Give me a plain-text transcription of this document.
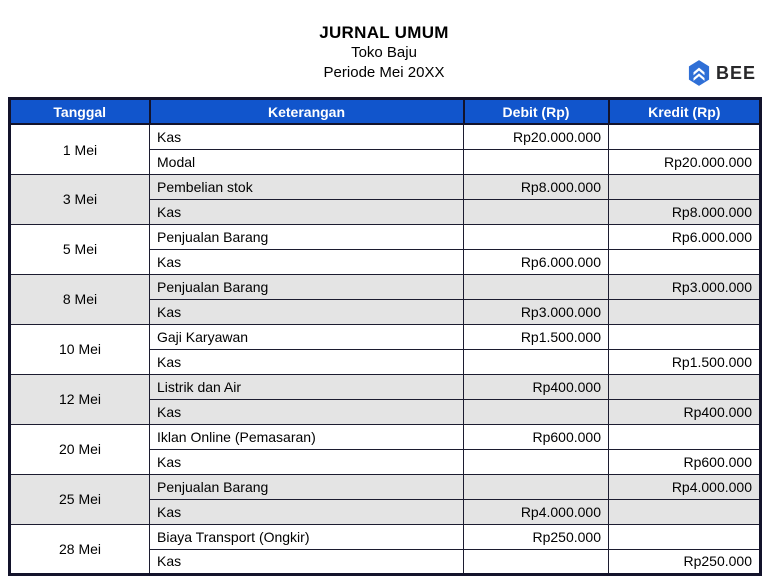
JURNAL UMUM
Toko Baju
Periode Mei 20XX	BEE
Tanggal	Keterangan	Debit (Rp)	Kredit (Rp)
1 Mei	Kas	Rp20.000.000	
	Modal		Rp20.000.000
3 Mei	Pembelian stok	Rp8.000.000	
	Kas		Rp8.000.000
5 Mei	Penjualan Barang		Rp6.000.000
	Kas	Rp6.000.000	
8 Mei	Penjualan Barang		Rp3.000.000
	Kas	Rp3.000.000	
10 Mei	Gaji Karyawan	Rp1.500.000	
	Kas		Rp1.500.000
12 Mei	Listrik dan Air	Rp400.000	
	Kas		Rp400.000
20 Mei	Iklan Online (Pemasaran)	Rp600.000	
	Kas		Rp600.000
25 Mei	Penjualan Barang		Rp4.000.000
	Kas	Rp4.000.000	
28 Mei	Biaya Transport (Ongkir)	Rp250.000	
	Kas		Rp250.000
